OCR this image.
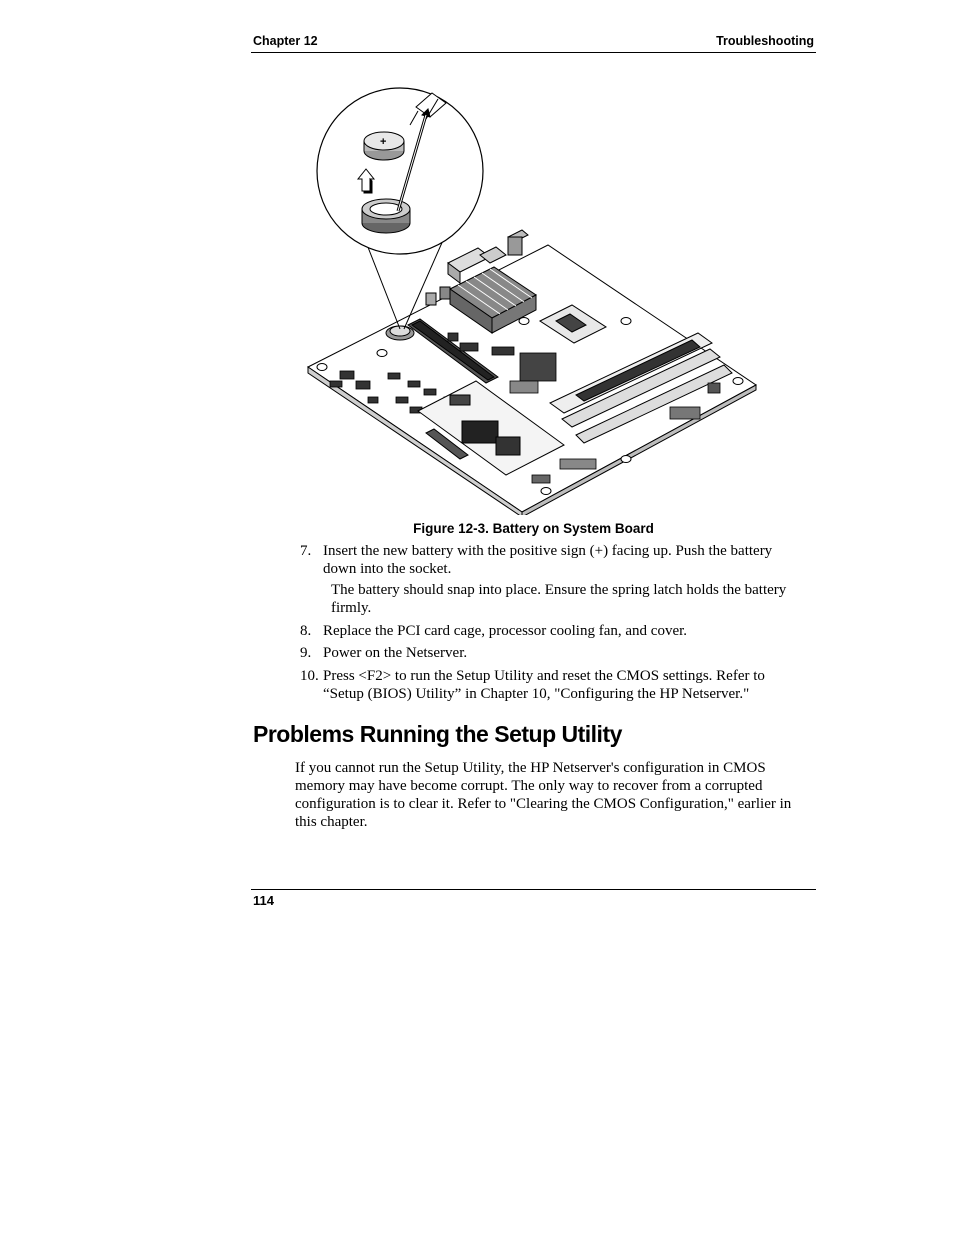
Chapter 12	Troubleshooting
+
Figure 12-3. Battery on System Board
7. Insert the new battery with the positive sign (+) facing up. Push the battery down into the socket.
The battery should snap into place. Ensure the spring latch holds the battery firmly.
8. Replace the PCI card cage, processor cooling fan, and cover.
9. Power on the Netserver.
10. Press <F2> to run the Setup Utility and reset the CMOS settings. Refer to “Setup (BIOS) Utility” in Chapter 10, "Configuring the HP Netserver."
Problems Running the Setup Utility
If you cannot run the Setup Utility, the HP Netserver's configuration in CMOS memory may have become corrupt. The only way to recover from a corrupted configuration is to clear it. Refer to "Clearing the CMOS Configuration," earlier in this chapter.
114
